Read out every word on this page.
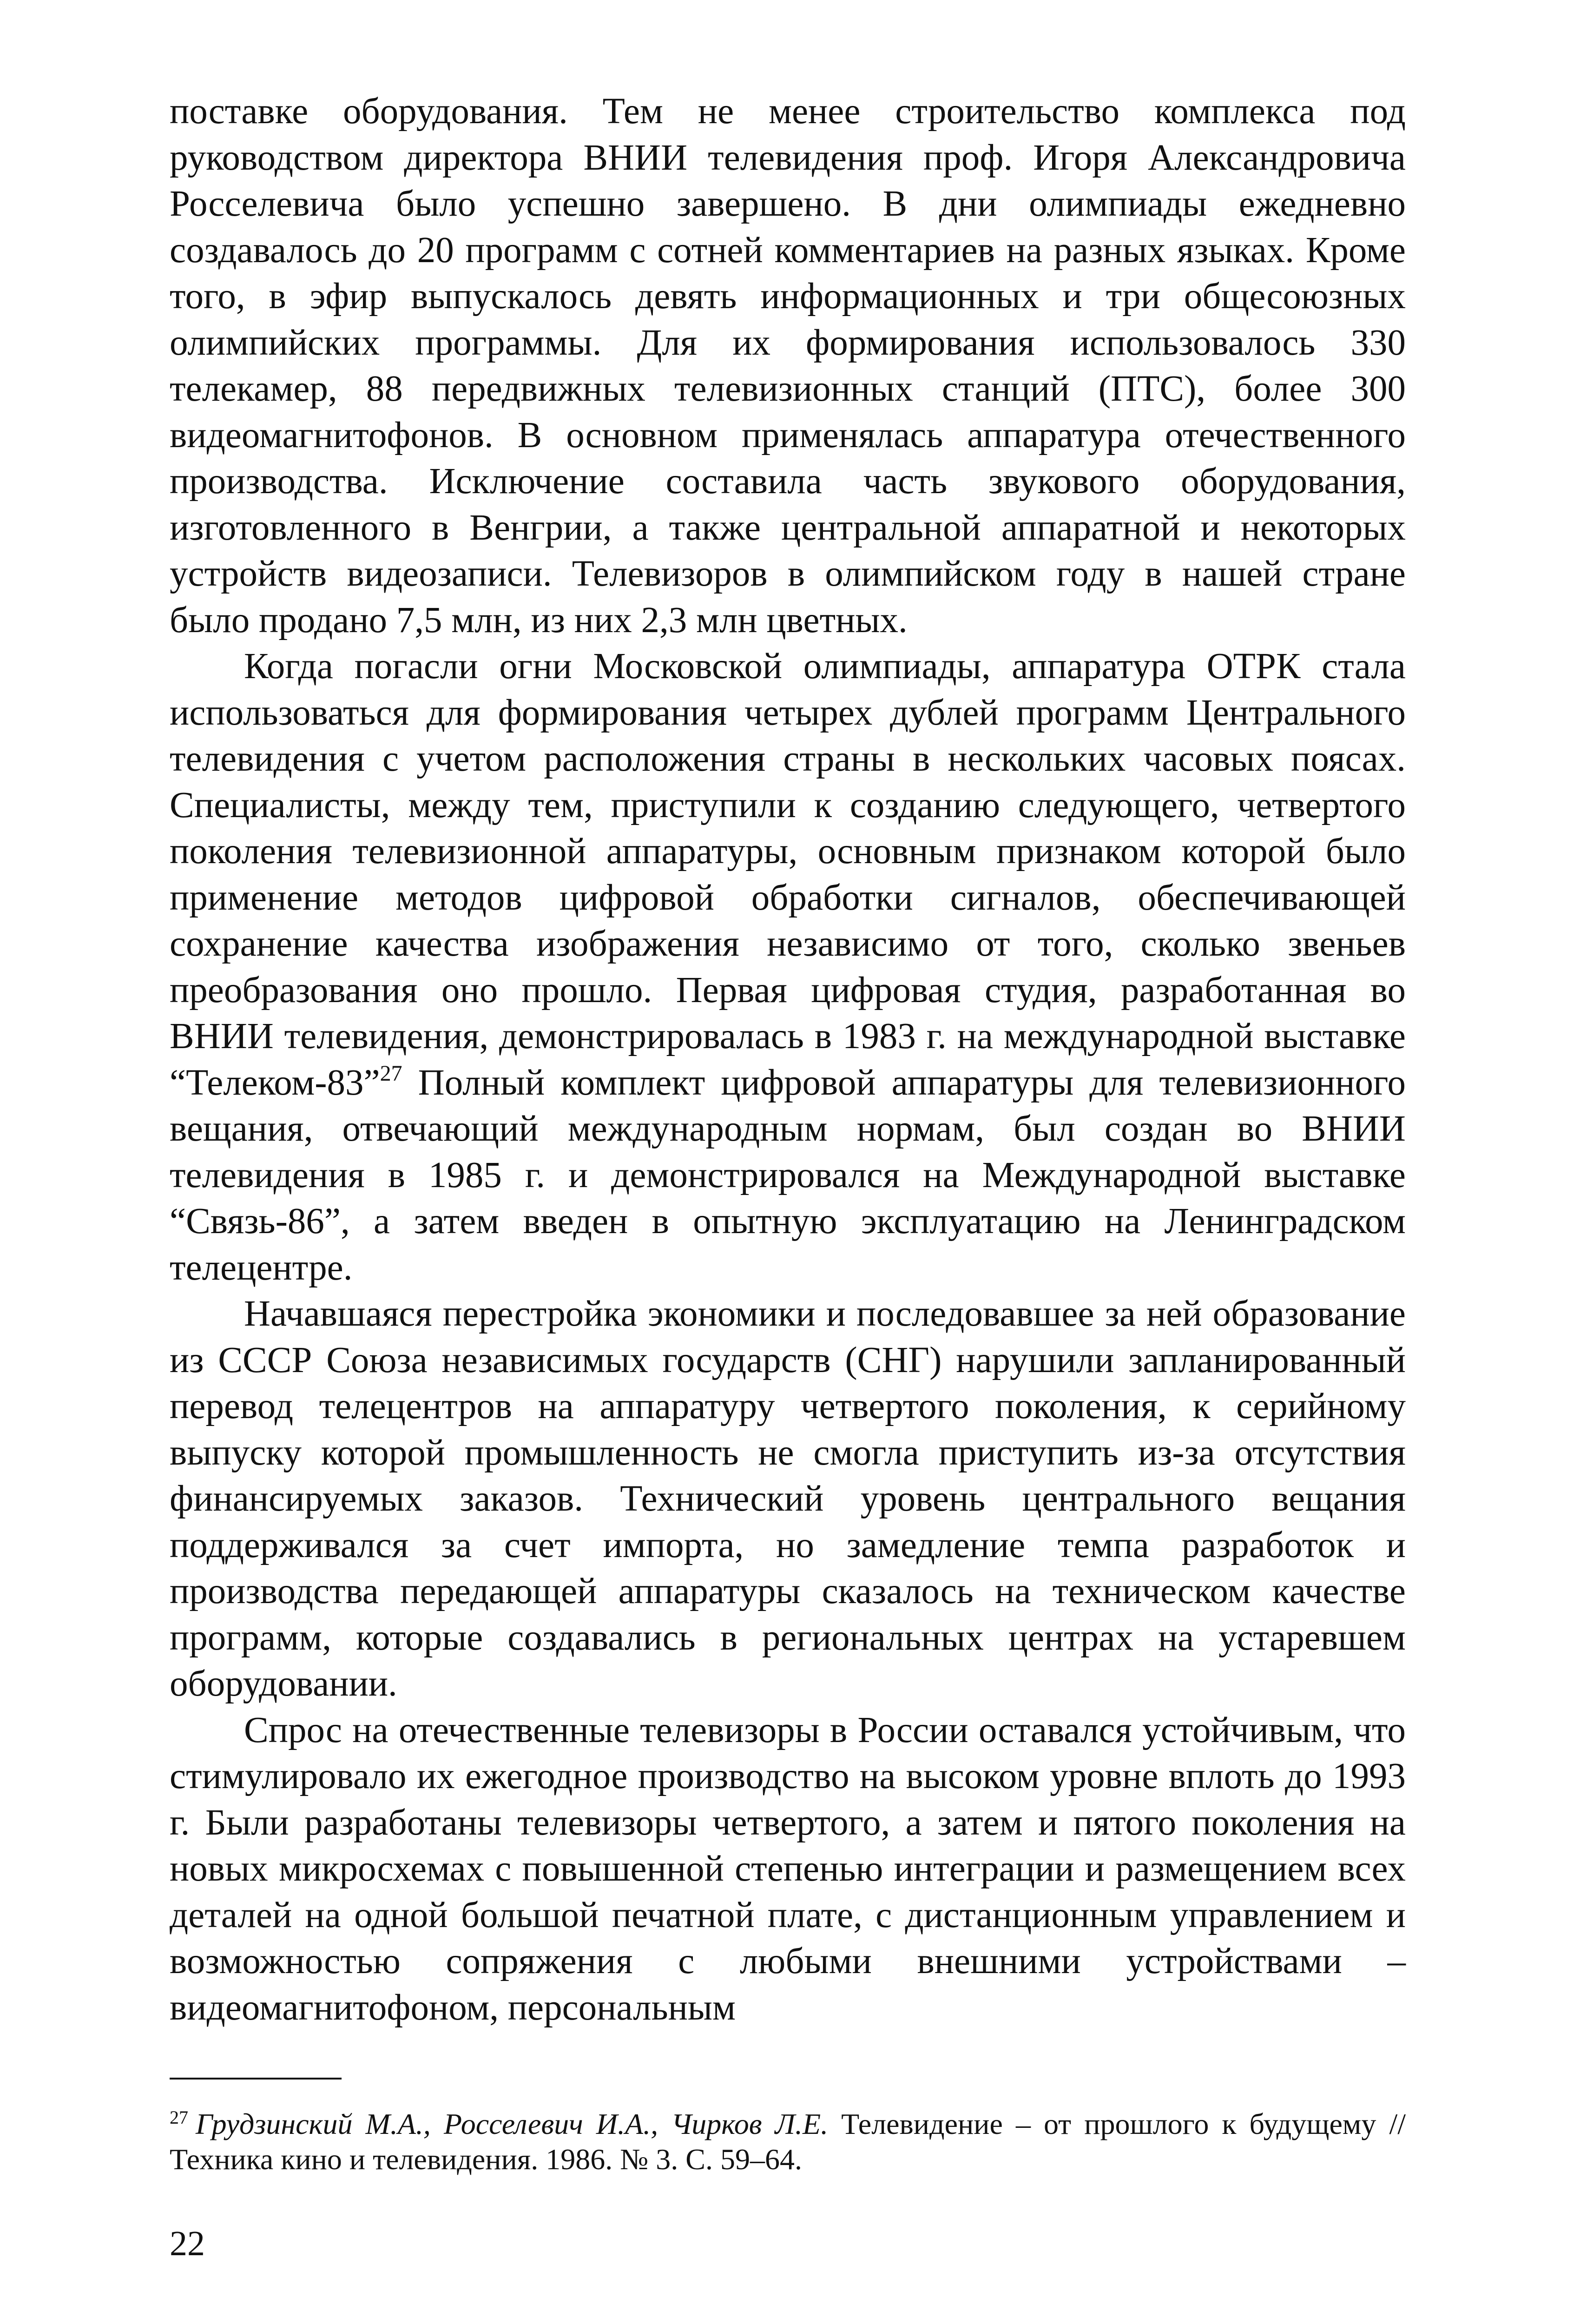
поставке оборудования. Тем не менее строительство комплекса под руководством директора ВНИИ телевидения проф. Игоря Александровича Росселевича было успешно завершено. В дни олимпиады ежедневно создавалось до 20 программ с сотней комментариев на разных языках. Кроме того, в эфир выпускалось девять информационных и три общесоюзных олимпийских программы. Для их формирования использовалось 330 телекамер, 88 передвижных телевизионных станций (ПТС), более 300 видеомагнитофонов. В основном применялась аппаратура отечественного производства. Исключение составила часть звукового оборудования, изготовленного в Венгрии, а также центральной аппаратной и некоторых устройств видеозаписи. Телевизоров в олимпийском году в нашей стране было продано 7,5 млн, из них 2,3 млн цветных.

Когда погасли огни Московской олимпиады, аппаратура ОТРК стала использоваться для формирования четырех дублей программ Центрального телевидения с учетом расположения страны в нескольких часовых поясах. Специалисты, между тем, приступили к созданию следующего, четвертого поколения телевизионной аппаратуры, основным признаком которой было применение методов цифровой обработки сигналов, обеспечивающей сохранение качества изображения независимо от того, сколько звеньев преобразования оно прошло. Первая цифровая студия, разработанная во ВНИИ телевидения, демонстрировалась в 1983 г. на международной выставке “Телеком-83”$^{27}$ Полный комплект цифровой аппаратуры для телевизионного вещания, отвечающий международным нормам, был создан во ВНИИ телевидения в 1985 г. и демонстрировался на Международной выставке “Связь-86”, а затем введен в опытную эксплуатацию на Ленинградском телецентре.

Начавшаяся перестройка экономики и последовавшее за ней образование из СССР Союза независимых государств (СНГ) нарушили запланированный перевод телецентров на аппаратуру четвертого поколения, к серийному выпуску которой промышленность не смогла приступить из-за отсутствия финансируемых заказов. Технический уровень центрального вещания поддерживался за счет импорта, но замедление темпа разработок и производства передающей аппаратуры сказалось на техническом качестве программ, которые создавались в региональных центрах на устаревшем оборудовании.

Спрос на отечественные телевизоры в России оставался устойчивым, что стимулировало их ежегодное производство на высоком уровне вплоть до 1993 г. Были разработаны телевизоры четвертого, а затем и пятого поколения на новых микросхемах с повышенной степенью интеграции и размещением всех деталей на одной большой печатной плате, с дистанционным управлением и возможностью сопряжения с любыми внешними устройствами – видеомагнитофоном, персональным

$^{27}$ Грудзинский М.А., Росселевич И.А., Чирков Л.Е. Телевидение – от прошлого к будущему // Техника кино и телевидения. 1986. № 3. С. 59–64.
22
